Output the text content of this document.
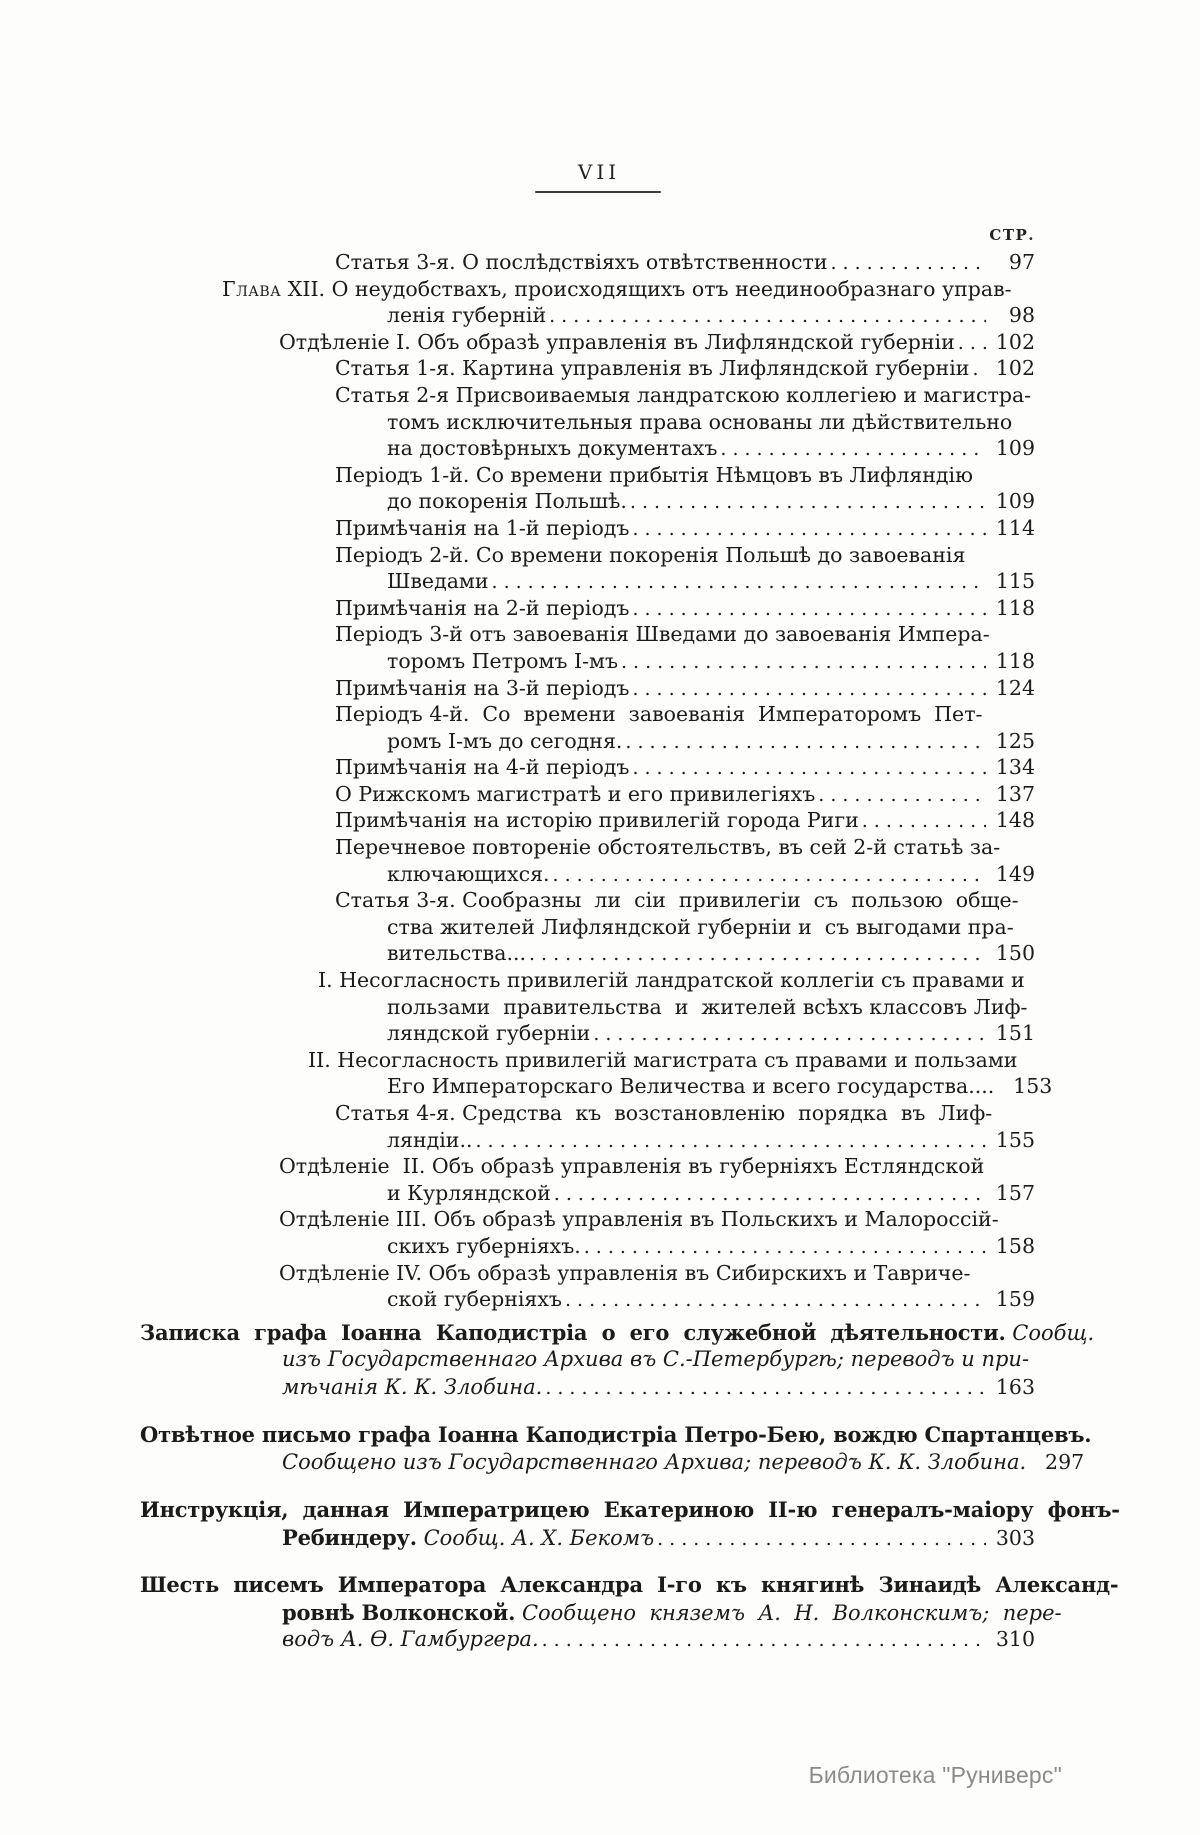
VII
СТР.
Статья 3-я. О послѣдствіяхъ отвѣтственности .....	97
Глава XII. О неудобствахъ, происходящихъ отъ неединообразнаго управ-
ленія губерній .....	98
Отдѣленіе I. Объ образѣ управленія въ Лифляндской губерніи ..... 102
Статья 1-я. Картина управленія въ Лифляндской губерніи ..... 102
Статья 2-я Присвоиваемыя ландратскою коллегіею и магистра-
томъ исключительныя права основаны ли дѣйствительно
на достовѣрныхъ документахъ .....	109
Періодъ 1-й. Со времени прибытія Нѣмцовъ въ Лифляндію
до покоренія Польшѣ. .....	109
Примѣчанія на 1-й періодъ .....	114
Періодъ 2-й. Со времени покоренія Польшѣ до завоеванія
Шведами .....	115
Примѣчанія на 2-й періодъ .....	118
Періодъ 3-й отъ завоеванія Шведами до завоеванія Импера-
торомъ Петромъ I-мъ .....	118
Примѣчанія на 3-й періодъ .....	124
Періодъ 4-й.  Со  времени  завоеванія  Императоромъ  Пет-
ромъ I-мъ до сегодня. .....	125
Примѣчанія на 4-й періодъ .....	134
О Рижскомъ магистратѣ и его привилегіяхъ .....	137
Примѣчанія на исторію привилегій города Риги .....	148
Перечневое повтореніе обстоятельствъ, въ сей 2-й статьѣ за-
ключающихся. .....	149
Статья 3-я. Сообразны  ли  сіи  привилегіи  съ  пользою  обще-
ства жителей Лифляндской губерніи и  съ выгодами пра-
вительства... .....	150
I. Несогласность привилегій ландратской коллегіи съ правами и
пользами  правительства  и  жителей всѣхъ классовъ Лиф-
ляндской губерніи .....	151
II. Несогласность привилегій магистрата съ правами и пользами
Его Императорскаго Величества и всего государства.... 153
Статья 4-я. Средства  къ  возстановленію  порядка  въ  Лиф-
ляндіи.. .....	155
Отдѣленіе  II. Объ образѣ управленія въ губерніяхъ Естляндской
и Курляндской .....	157
Отдѣленіе III. Объ образѣ управленія въ Польскихъ и Малороссій-
скихъ губерніяхъ. .....	158
Отдѣленіе IV. Объ образѣ управленія въ Сибирскихъ и Тавриче-
ской губерніяхъ .....	159
Записка  графа  Іоанна  Каподистріа  о  его  служебной  дѣятельности. Сообщ.
изъ Государственнаго Архива въ С.-Петербургѣ; переводъ и при-
мѣчанія К. К. Злобина. .....	163
Отвѣтное письмо графа Іоанна Каподистріа Петро-Бею, вождю Спартанцевъ.
Сообщено изъ Государственнаго Архива; переводъ К. К. Злобина. 297
Инструкція,  данная  Императрицею  Екатериною  II-ю  генералъ-маіору  фонъ-
Ребиндеру. Сообщ. А. Х. Бекомъ .....	303
Шесть  писемъ  Императора  Александра  I-го  къ  княгинѣ  Зинаидѣ  Александ-
ровнѣ Волконской. Сообщено  княземъ  А.  Н.  Волконскимъ;  пере-
водъ А. Ѳ. Гамбургера. .....	310
Библиотека "Руниверс"
